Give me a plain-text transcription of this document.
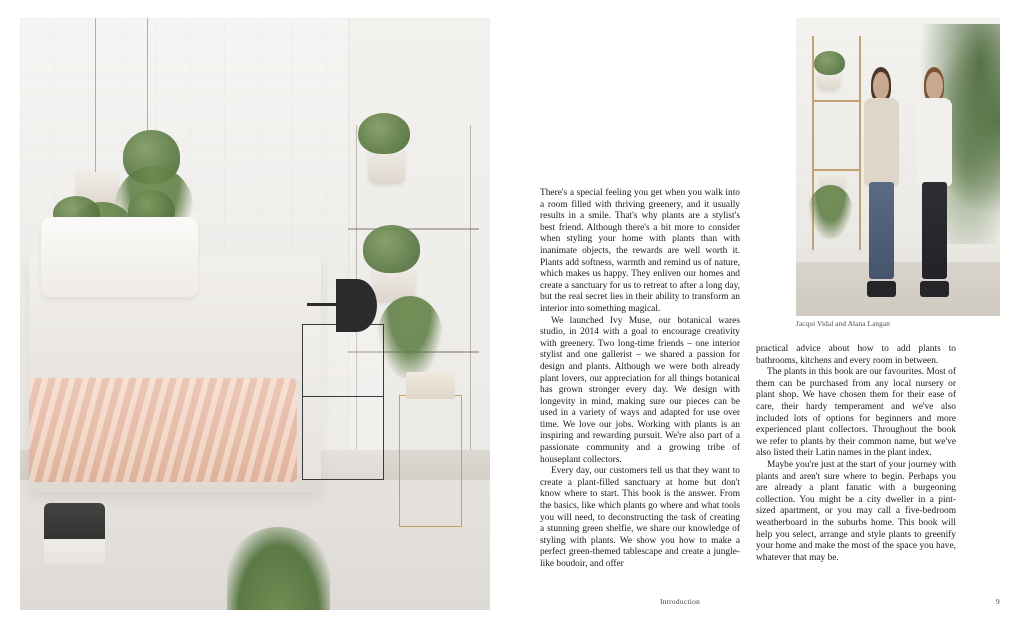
Jacqui Vidal and Alana Langan

There's a special feeling you get when you walk into a room filled with thriving greenery, and it usually results in a smile. That's why plants are a stylist's best friend. Although there's a bit more to consider when styling your home with plants than with inanimate objects, the rewards are well worth it. Plants add softness, warmth and remind us of nature, which makes us happy. They enliven our homes and create a sanctuary for us to retreat to after a long day, but the real secret lies in their ability to transform an interior into something magical.

We launched Ivy Muse, our botanical wares studio, in 2014 with a goal to encourage creativity with greenery. Two long-time friends – one interior stylist and one gallerist – we shared a passion for design and plants. Although we were both already plant lovers, our appreciation for all things botanical has grown stronger every day. We design with longevity in mind, making sure our pieces can be used in a variety of ways and adapted for use over time. We love our jobs. Working with plants is an inspiring and rewarding pursuit. We're also part of a passionate community and a growing tribe of houseplant collectors.

Every day, our customers tell us that they want to create a plant-filled sanctuary at home but don't know where to start. This book is the answer. From the basics, like which plants go where and what tools you will need, to deconstructing the task of creating a stunning green shelfie, we share our knowledge of styling with plants. We show you how to make a perfect green-themed tablescape and create a jungle-like boudoir, and offer

practical advice about how to add plants to bathrooms, kitchens and every room in between.

The plants in this book are our favourites. Most of them can be purchased from any local nursery or plant shop. We have chosen them for their ease of care, their hardy temperament and we've also included lots of options for beginners and more experienced plant collectors. Throughout the book we refer to plants by their common name, but we've also listed their Latin names in the plant index.

Maybe you're just at the start of your journey with plants and aren't sure where to begin. Perhaps you are already a plant fanatic with a burgeoning collection. You might be a city dweller in a pint-sized apartment, or you may call a five-bedroom weatherboard in the suburbs home. This book will help you select, arrange and style plants to greenify your home and make the most of the space you have, whatever that may be.

Introduction	9
